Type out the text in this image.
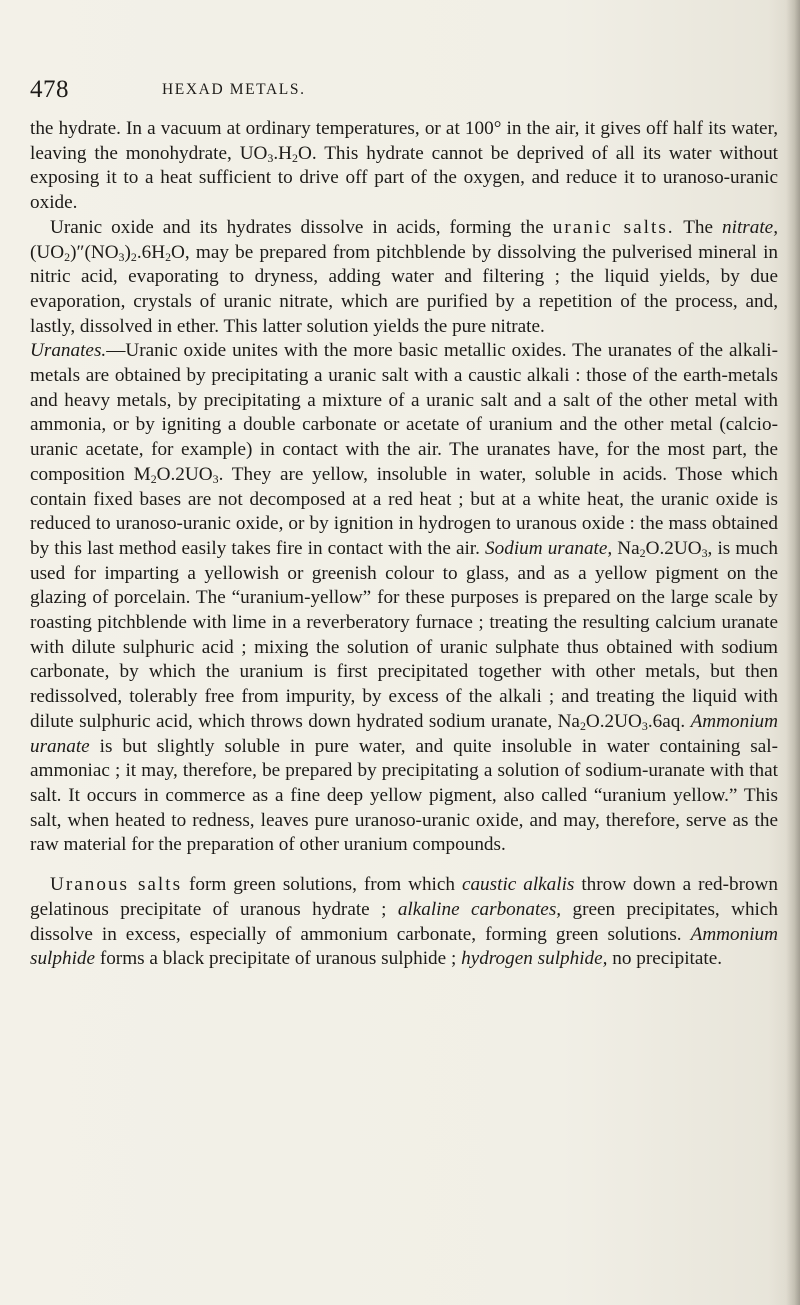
478	HEXAD METALS.

the hydrate. In a vacuum at ordinary temperatures, or at 100° in the air, it gives off half its water, leaving the monohydrate, $UO_3.H_2O$. This hydrate cannot be deprived of all its water without exposing it to a heat sufficient to drive off part of the oxygen, and reduce it to uranoso-uranic oxide.

Uranic oxide and its hydrates dissolve in acids, forming the uranic salts. The nitrate, $(UO_2)''(NO_3)_2.6H_2O$, may be prepared from pitchblende by dissolving the pulverised mineral in nitric acid, evaporating to dryness, adding water and filtering ; the liquid yields, by due evaporation, crystals of uranic nitrate, which are purified by a repetition of the process, and, lastly, dissolved in ether. This latter solution yields the pure nitrate.

Uranates.—Uranic oxide unites with the more basic metallic oxides. The uranates of the alkali-metals are obtained by precipitating a uranic salt with a caustic alkali : those of the earth-metals and heavy metals, by precipitating a mixture of a uranic salt and a salt of the other metal with ammonia, or by igniting a double carbonate or acetate of uranium and the other metal (calcio-uranic acetate, for example) in contact with the air. The uranates have, for the most part, the composition $M_2O.2UO_3$. They are yellow, insoluble in water, soluble in acids. Those which contain fixed bases are not decomposed at a red heat ; but at a white heat, the uranic oxide is reduced to uranoso-uranic oxide, or by ignition in hydrogen to uranous oxide : the mass obtained by this last method easily takes fire in contact with the air. Sodium uranate, $Na_2O.2UO_3$, is much used for imparting a yellowish or greenish colour to glass, and as a yellow pigment on the glazing of porcelain. The “uranium-yellow” for these purposes is prepared on the large scale by roasting pitchblende with lime in a reverberatory furnace ; treating the resulting calcium uranate with dilute sulphuric acid ; mixing the solution of uranic sulphate thus obtained with sodium carbonate, by which the uranium is first precipitated together with other metals, but then redissolved, tolerably free from impurity, by excess of the alkali ; and treating the liquid with dilute sulphuric acid, which throws down hydrated sodium uranate, $Na_2O.2UO_3.6aq$. Ammonium uranate is but slightly soluble in pure water, and quite insoluble in water containing sal-ammoniac ; it may, therefore, be prepared by precipitating a solution of sodium-uranate with that salt. It occurs in commerce as a fine deep yellow pigment, also called “uranium yellow.” This salt, when heated to redness, leaves pure uranoso-uranic oxide, and may, therefore, serve as the raw material for the preparation of other uranium compounds.

Uranous salts form green solutions, from which caustic alkalis throw down a red-brown gelatinous precipitate of uranous hydrate ; alkaline carbonates, green precipitates, which dissolve in excess, especially of ammonium carbonate, forming green solutions. Ammonium sulphide forms a black precipitate of uranous sulphide ; hydrogen sulphide, no precipitate.
